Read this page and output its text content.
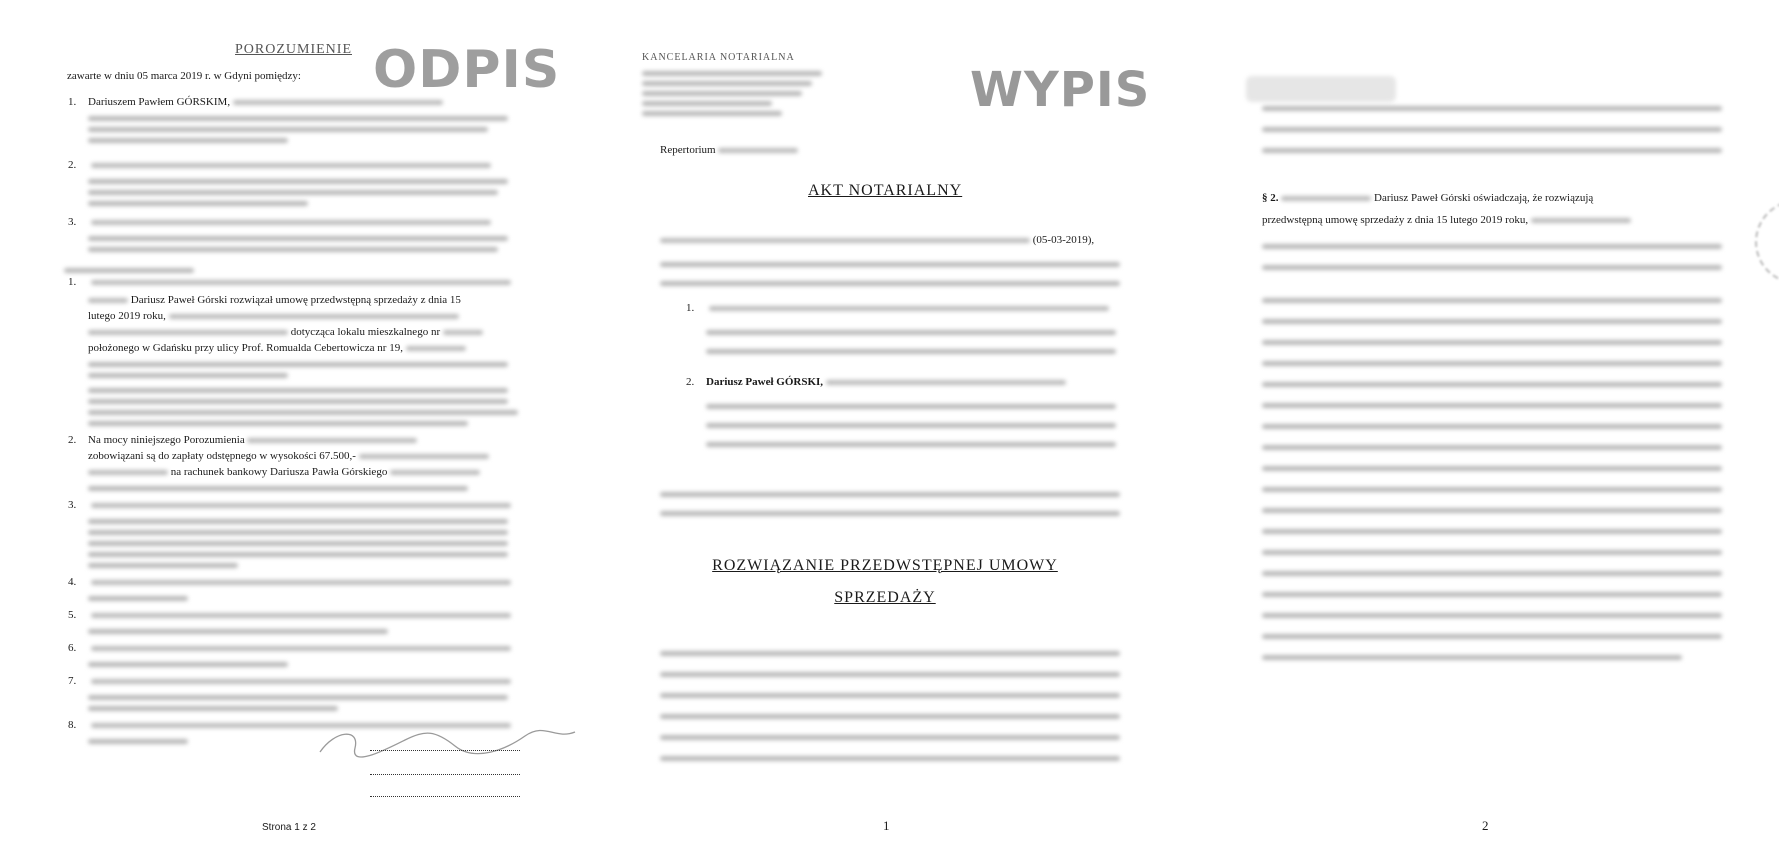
POROZUMIENIE ODPIS
zawarte w dniu 05 marca 2019 r. w Gdyni pomiędzy:
1. Dariuszem Pawłem GÓRSKIM,
2.
3.
1.
Dariusz Paweł Górski rozwiązał umowę przedwstępną sprzedaży z dnia 15
lutego 2019 roku,
dotycząca lokalu mieszkalnego nr
położonego w Gdańsku przy ulicy Prof. Romualda Cebertowicza nr 19,
2. Na mocy niniejszego Porozumienia
zobowiązani są do zapłaty odstępnego w wysokości 67.500,-
na rachunek bankowy Dariusza Pawła Górskiego
3.
4.
5.
6.
7.
8.
Strona 1 z 2
KANCELARIA NOTARIALNA
WYPIS
Repertorium
AKT NOTARIALNY
(05-03-2019),
1.
2. Dariusz Paweł GÓRSKI,
ROZWIĄZANIE PRZEDWSTĘPNEJ UMOWY
SPRZEDAŻY
1
§ 2.	Dariusz Paweł Górski oświadczają, że rozwiązują
przedwstępną umowę sprzedaży z dnia 15 lutego 2019 roku,
2
